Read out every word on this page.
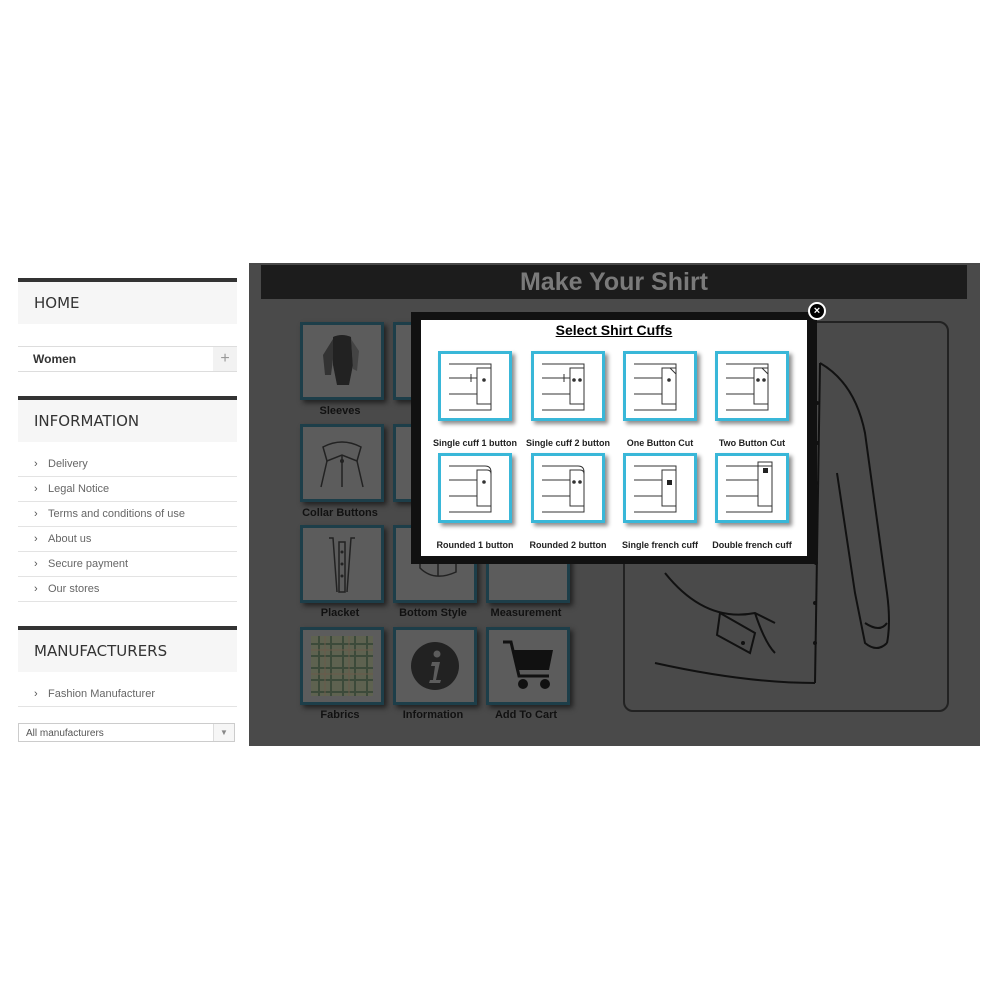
HOME
Women	+
INFORMATION
› Delivery
› Legal Notice
› Terms and conditions of use
› About us
› Secure payment
› Our stores
MANUFACTURERS
› Fashion Manufacturer
All manufacturers	▼
Make Your Shirt
Sleeves
Collar Buttons
Placket	Bottom Style	Measurement
Fabrics	Information	Add To Cart
Select Shirt Cuffs
Single cuff 1 button	Single cuff 2 button	One Button Cut	Two Button Cut
Rounded 1 button	Rounded 2 button	Single french cuff	Double french cuff
×
